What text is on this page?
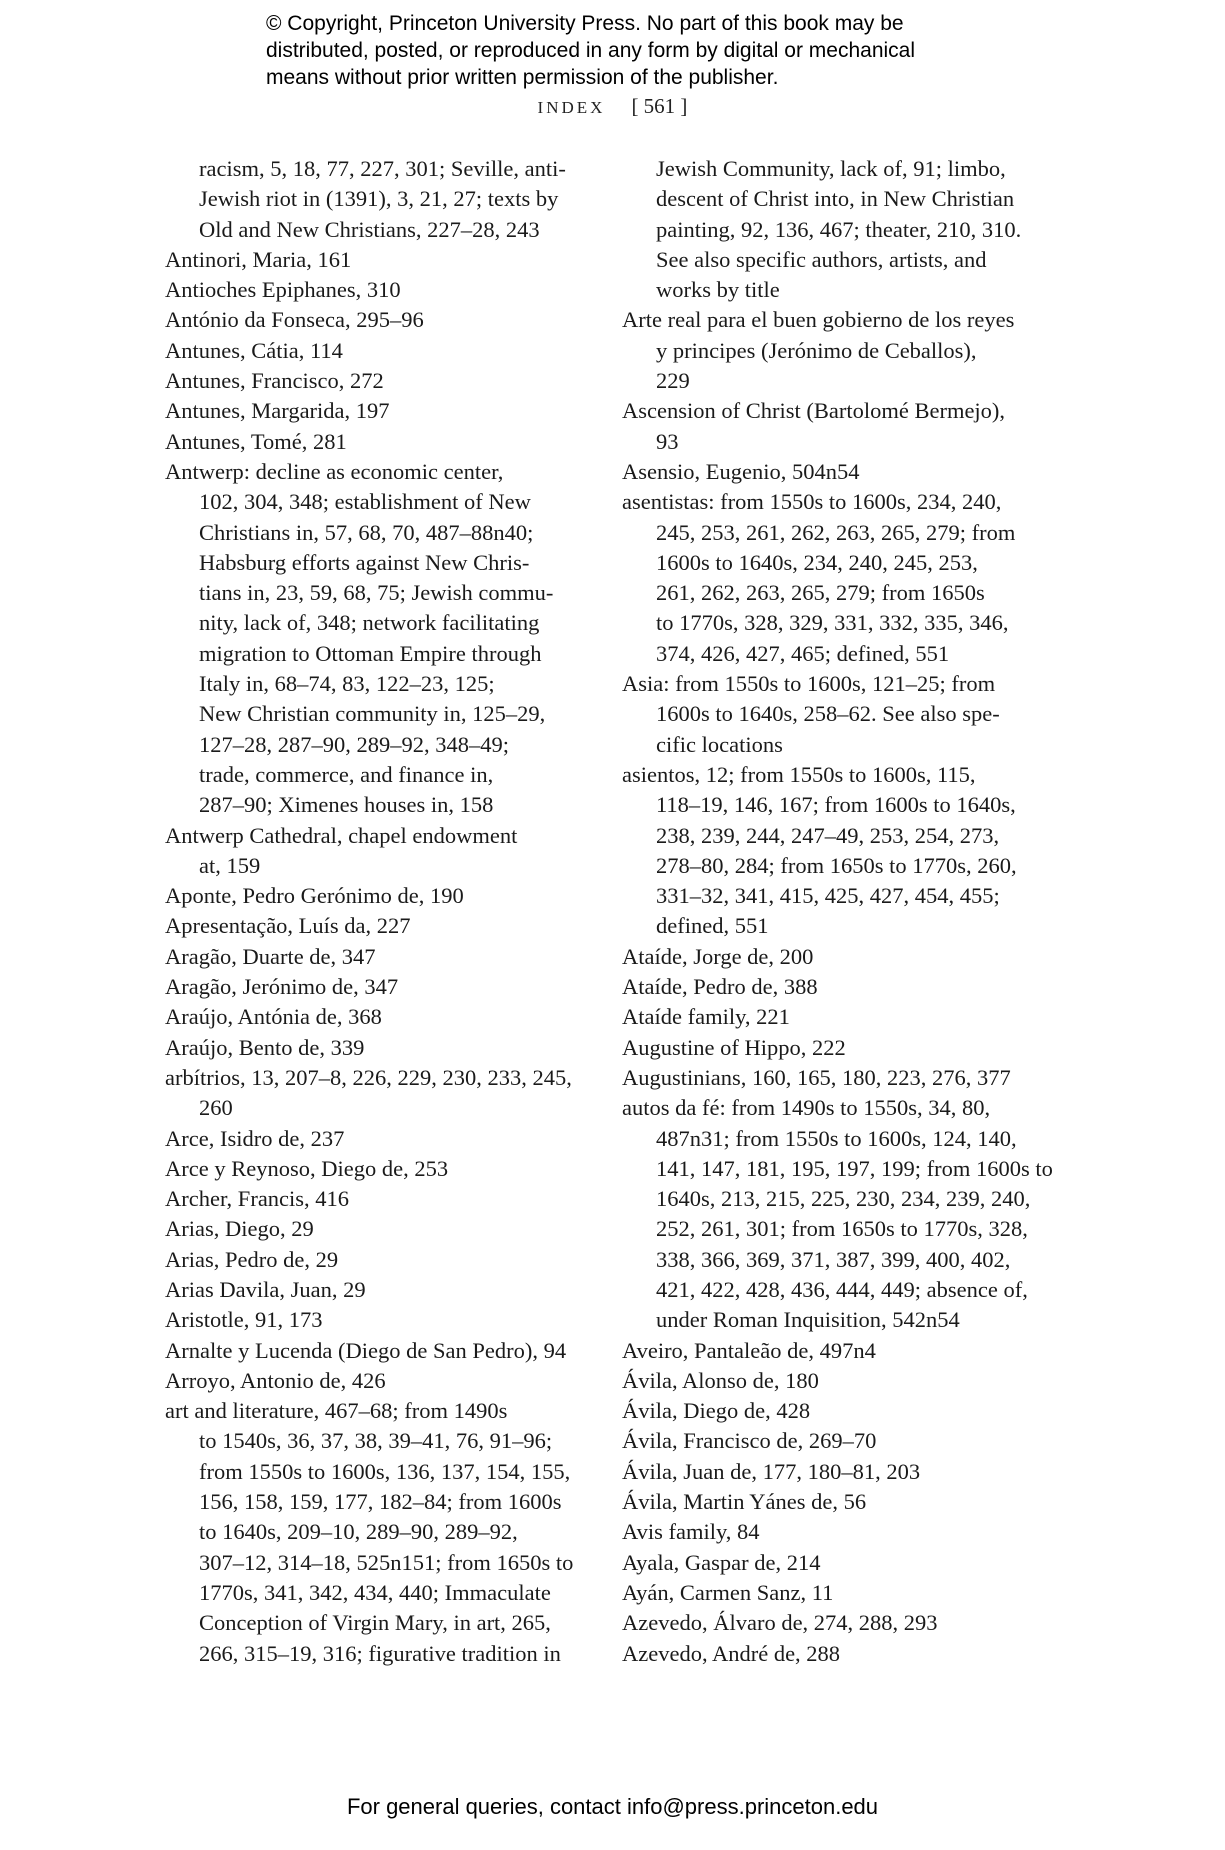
© Copyright, Princeton University Press. No part of this book may be
distributed, posted, or reproduced in any form by digital or mechanical
means without prior written permission of the publisher.
INDEX [ 561 ]
racism, 5, 18, 77, 227, 301; Seville, anti-
Jewish riot in (1391), 3, 21, 27; texts by
Old and New Christians, 227–28, 243
Antinori, Maria, 161
Antioches Epiphanes, 310
António da Fonseca, 295–96
Antunes, Cátia, 114
Antunes, Francisco, 272
Antunes, Margarida, 197
Antunes, Tomé, 281
Antwerp: decline as economic center,
102, 304, 348; establishment of New
Christians in, 57, 68, 70, 487–88n40;
Habsburg efforts against New Chris-
tians in, 23, 59, 68, 75; Jewish commu-
nity, lack of, 348; network facilitating
migration to Ottoman Empire through
Italy in, 68–74, 83, 122–23, 125;
New Christian community in, 125–29,
127–28, 287–90, 289–92, 348–49;
trade, commerce, and finance in,
287–90; Ximenes houses in, 158
Antwerp Cathedral, chapel endowment
at, 159
Aponte, Pedro Gerónimo de, 190
Apresentação, Luís da, 227
Aragão, Duarte de, 347
Aragão, Jerónimo de, 347
Araújo, Antónia de, 368
Araújo, Bento de, 339
arbítrios, 13, 207–8, 226, 229, 230, 233, 245,
260
Arce, Isidro de, 237
Arce y Reynoso, Diego de, 253
Archer, Francis, 416
Arias, Diego, 29
Arias, Pedro de, 29
Arias Davila, Juan, 29
Aristotle, 91, 173
Arnalte y Lucenda (Diego de San Pedro), 94
Arroyo, Antonio de, 426
art and literature, 467–68; from 1490s
to 1540s, 36, 37, 38, 39–41, 76, 91–96;
from 1550s to 1600s, 136, 137, 154, 155,
156, 158, 159, 177, 182–84; from 1600s
to 1640s, 209–10, 289–90, 289–92,
307–12, 314–18, 525n151; from 1650s to
1770s, 341, 342, 434, 440; Immaculate
Conception of Virgin Mary, in art, 265,
266, 315–19, 316; figurative tradition in
Jewish Community, lack of, 91; limbo,
descent of Christ into, in New Christian
painting, 92, 136, 467; theater, 210, 310.
See also specific authors, artists, and
works by title
Arte real para el buen gobierno de los reyes
y principes (Jerónimo de Ceballos),
229
Ascension of Christ (Bartolomé Bermejo),
93
Asensio, Eugenio, 504n54
asentistas: from 1550s to 1600s, 234, 240,
245, 253, 261, 262, 263, 265, 279; from
1600s to 1640s, 234, 240, 245, 253,
261, 262, 263, 265, 279; from 1650s
to 1770s, 328, 329, 331, 332, 335, 346,
374, 426, 427, 465; defined, 551
Asia: from 1550s to 1600s, 121–25; from
1600s to 1640s, 258–62. See also spe-
cific locations
asientos, 12; from 1550s to 1600s, 115,
118–19, 146, 167; from 1600s to 1640s,
238, 239, 244, 247–49, 253, 254, 273,
278–80, 284; from 1650s to 1770s, 260,
331–32, 341, 415, 425, 427, 454, 455;
defined, 551
Ataíde, Jorge de, 200
Ataíde, Pedro de, 388
Ataíde family, 221
Augustine of Hippo, 222
Augustinians, 160, 165, 180, 223, 276, 377
autos da fé: from 1490s to 1550s, 34, 80,
487n31; from 1550s to 1600s, 124, 140,
141, 147, 181, 195, 197, 199; from 1600s to
1640s, 213, 215, 225, 230, 234, 239, 240,
252, 261, 301; from 1650s to 1770s, 328,
338, 366, 369, 371, 387, 399, 400, 402,
421, 422, 428, 436, 444, 449; absence of,
under Roman Inquisition, 542n54
Aveiro, Pantaleão de, 497n4
Ávila, Alonso de, 180
Ávila, Diego de, 428
Ávila, Francisco de, 269–70
Ávila, Juan de, 177, 180–81, 203
Ávila, Martin Yánes de, 56
Avis family, 84
Ayala, Gaspar de, 214
Ayán, Carmen Sanz, 11
Azevedo, Álvaro de, 274, 288, 293
Azevedo, André de, 288
For general queries, contact info@press.princeton.edu
